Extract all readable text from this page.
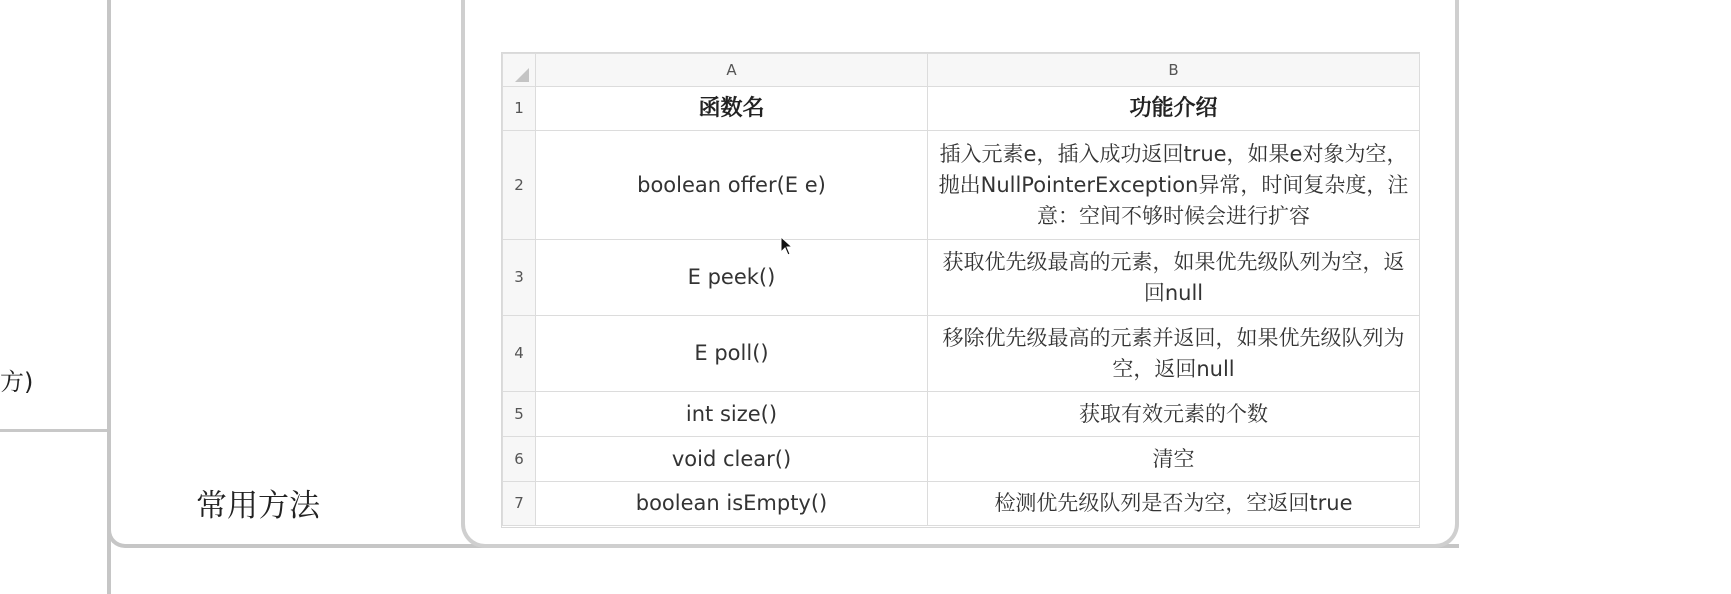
方)
常用方法
	A	B
1	函数名	功能介绍
2	boolean offer(E e)	插入元素e，插入成功返回true，如果e对象为空，抛出NullPointerException异常，时间复杂度，注意：空间不够时候会进行扩容
3	E peek()	获取优先级最高的元素，如果优先级队列为空，返回null
4	E poll()	移除优先级最高的元素并返回，如果优先级队列为空，返回null
5	int size()	获取有效元素的个数
6	void clear()	清空
7	boolean isEmpty()	检测优先级队列是否为空，空返回true
